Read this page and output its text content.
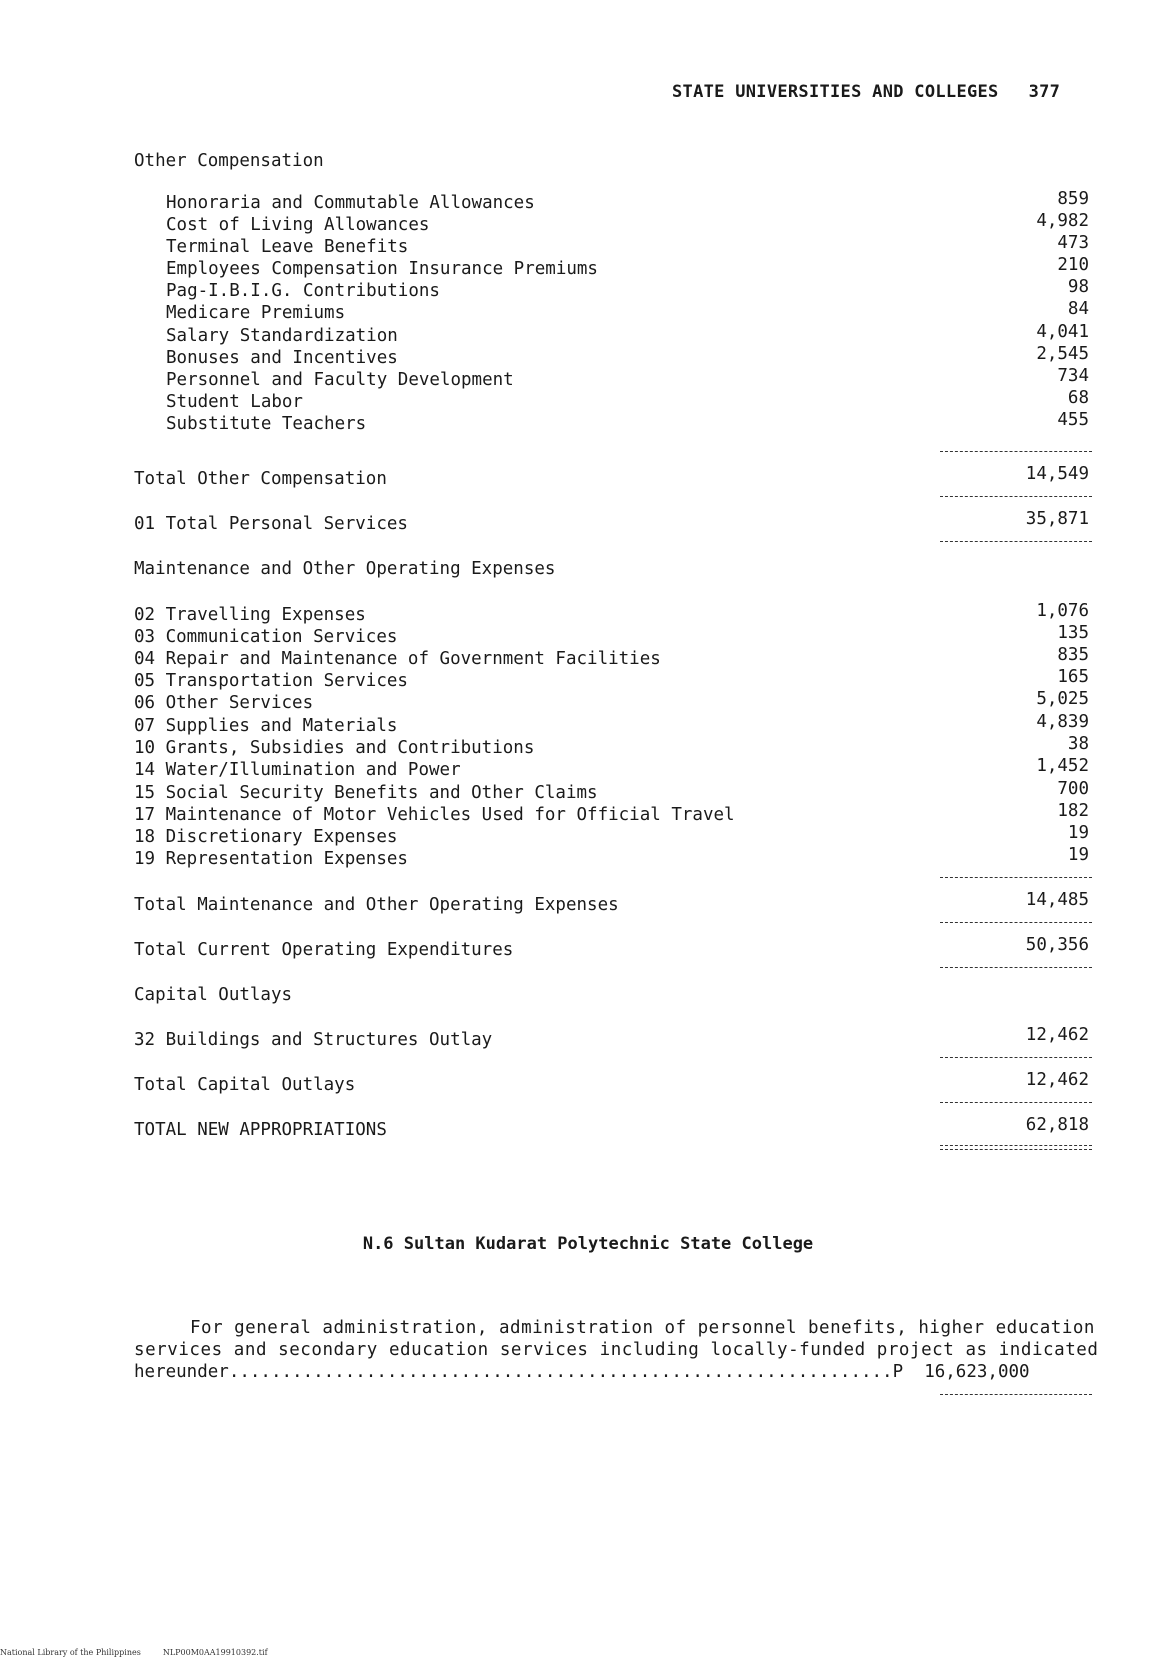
STATE UNIVERSITIES AND COLLEGES 377
Other Compensation
Honoraria and Commutable Allowances	859
Cost of Living Allowances	4,982
Terminal Leave Benefits	473
Employees Compensation Insurance Premiums	210
Pag-I.B.I.G. Contributions	98
Medicare Premiums	84
Salary Standardization	4,041
Bonuses and Incentives	2,545
Personnel and Faculty Development	734
Student Labor	68
Substitute Teachers	455
Total Other Compensation	14,549
01 Total Personal Services	35,871
Maintenance and Other Operating Expenses
02 Travelling Expenses	1,076
03 Communication Services	135
04 Repair and Maintenance of Government Facilities	835
05 Transportation Services	165
06 Other Services	5,025
07 Supplies and Materials	4,839
10 Grants, Subsidies and Contributions	38
14 Water/Illumination and Power	1,452
15 Social Security Benefits and Other Claims	700
17 Maintenance of Motor Vehicles Used for Official Travel	182
18 Discretionary Expenses	19
19 Representation Expenses	19
Total Maintenance and Other Operating Expenses	14,485
Total Current Operating Expenditures	50,356
Capital Outlays
32 Buildings and Structures Outlay	12,462
Total Capital Outlays	12,462
TOTAL NEW APPROPRIATIONS	62,818
N.6 Sultan Kudarat Polytechnic State College
For general administration, administration of personnel benefits, higher education
services and secondary education services including locally-funded project as indicated
hereunder...............................................................P 16,623,000
National Library of the Philippines	NLP00M0AA19910392.tif
